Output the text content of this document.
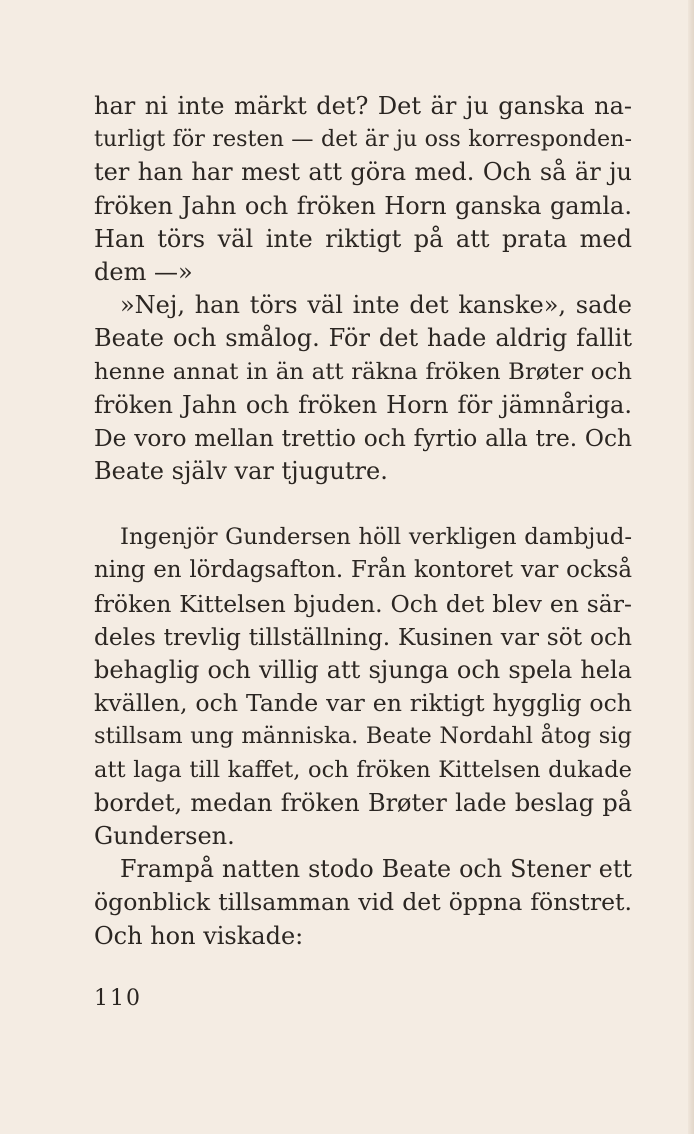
har ni inte märkt det? Det är ju ganska na-
turligt för resten — det är ju oss korresponden-
ter han har mest att göra med. Och så är ju
fröken Jahn och fröken Horn ganska gamla.
Han törs väl inte riktigt på att prata med
dem —»
»Nej, han törs väl inte det kanske», sade
Beate och smålog. För det hade aldrig fallit
henne annat in än att räkna fröken Brøter och
fröken Jahn och fröken Horn för jämnåriga.
De voro mellan trettio och fyrtio alla tre. Och
Beate själv var tjugutre.
Ingenjör Gundersen höll verkligen dambjud-
ning en lördagsafton. Från kontoret var också
fröken Kittelsen bjuden. Och det blev en sär-
deles trevlig tillställning. Kusinen var söt och
behaglig och villig att sjunga och spela hela
kvällen, och Tande var en riktigt hygglig och
stillsam ung människa. Beate Nordahl åtog sig
att laga till kaffet, och fröken Kittelsen dukade
bordet, medan fröken Brøter lade beslag på
Gundersen.
Frampå natten stodo Beate och Stener ett
ögonblick tillsamman vid det öppna fönstret.
Och hon viskade:
110
